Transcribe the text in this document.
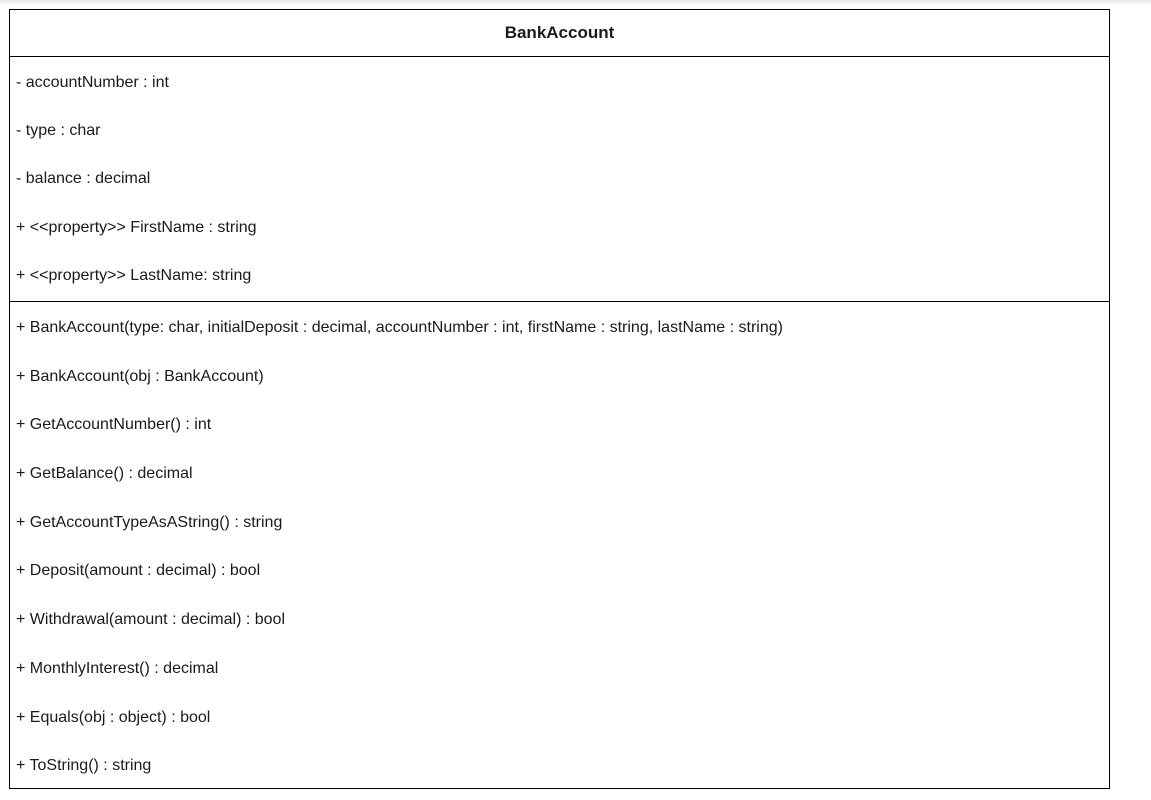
BankAccount
- accountNumber : int
- type : char
- balance : decimal
+ <<property>> FirstName : string
+ <<property>> LastName: string
+ BankAccount(type: char, initialDeposit : decimal, accountNumber : int, firstName : string, lastName : string)
+ BankAccount(obj : BankAccount)
+ GetAccountNumber() : int
+ GetBalance() : decimal
+ GetAccountTypeAsAString() : string
+ Deposit(amount : decimal) : bool
+ Withdrawal(amount : decimal) : bool
+ MonthlyInterest() : decimal
+ Equals(obj : object) : bool
+ ToString() : string
